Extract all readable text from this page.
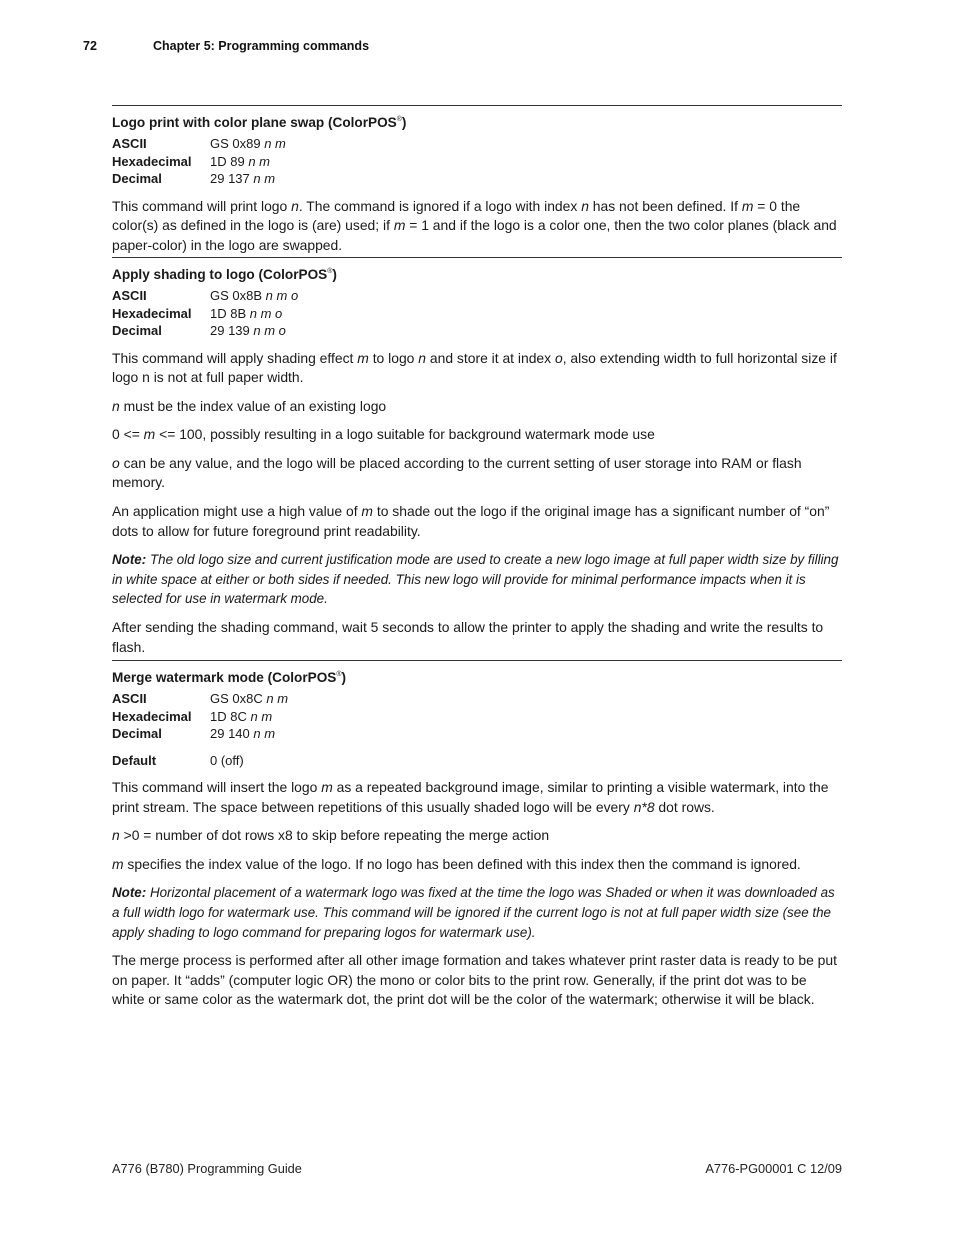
72	Chapter 5: Programming commands
Logo print with color plane swap (ColorPOS®)
ASCII	GS 0x89 n m
Hexadecimal	1D 89 n m
Decimal	29 137 n m

This command will print logo n. The command is ignored if a logo with index n has not been defined. If m = 0 the color(s) as defined in the logo is (are) used; if m = 1 and if the logo is a color one, then the two color planes (black and paper-color) in the logo are swapped.

Apply shading to logo (ColorPOS®)
ASCII	GS 0x8B n m o
Hexadecimal	1D 8B n m o
Decimal	29 139 n m o

This command will apply shading effect m to logo n and store it at index o, also extending width to full horizontal size if logo n is not at full paper width.

n must be the index value of an existing logo

0 <= m <= 100, possibly resulting in a logo suitable for background watermark mode use

o can be any value, and the logo will be placed according to the current setting of user storage into RAM or flash memory.

An application might use a high value of m to shade out the logo if the original image has a significant number of “on” dots to allow for future foreground print readability.

Note: The old logo size and current justification mode are used to create a new logo image at full paper width size by filling in white space at either or both sides if needed. This new logo will provide for minimal performance impacts when it is selected for use in watermark mode.

After sending the shading command, wait 5 seconds to allow the printer to apply the shading and write the results to flash.

Merge watermark mode (ColorPOS®)
ASCII	GS 0x8C n m
Hexadecimal	1D 8C n m
Decimal	29 140 n m
Default	0 (off)

This command will insert the logo m as a repeated background image, similar to printing a visible watermark, into the print stream. The space between repetitions of this usually shaded logo will be every n*8 dot rows.

n >0 = number of dot rows x8 to skip before repeating the merge action

m specifies the index value of the logo. If no logo has been defined with this index then the command is ignored.

Note: Horizontal placement of a watermark logo was fixed at the time the logo was Shaded or when it was downloaded as a full width logo for watermark use. This command will be ignored if the current logo is not at full paper width size (see the apply shading to logo command for preparing logos for watermark use).

The merge process is performed after all other image formation and takes whatever print raster data is ready to be put on paper. It “adds” (computer logic OR) the mono or color bits to the print row. Generally, if the print dot was to be white or same color as the watermark dot, the print dot will be the color of the watermark; otherwise it will be black.

A776 (B780) Programming Guide	A776-PG00001 C 12/09
